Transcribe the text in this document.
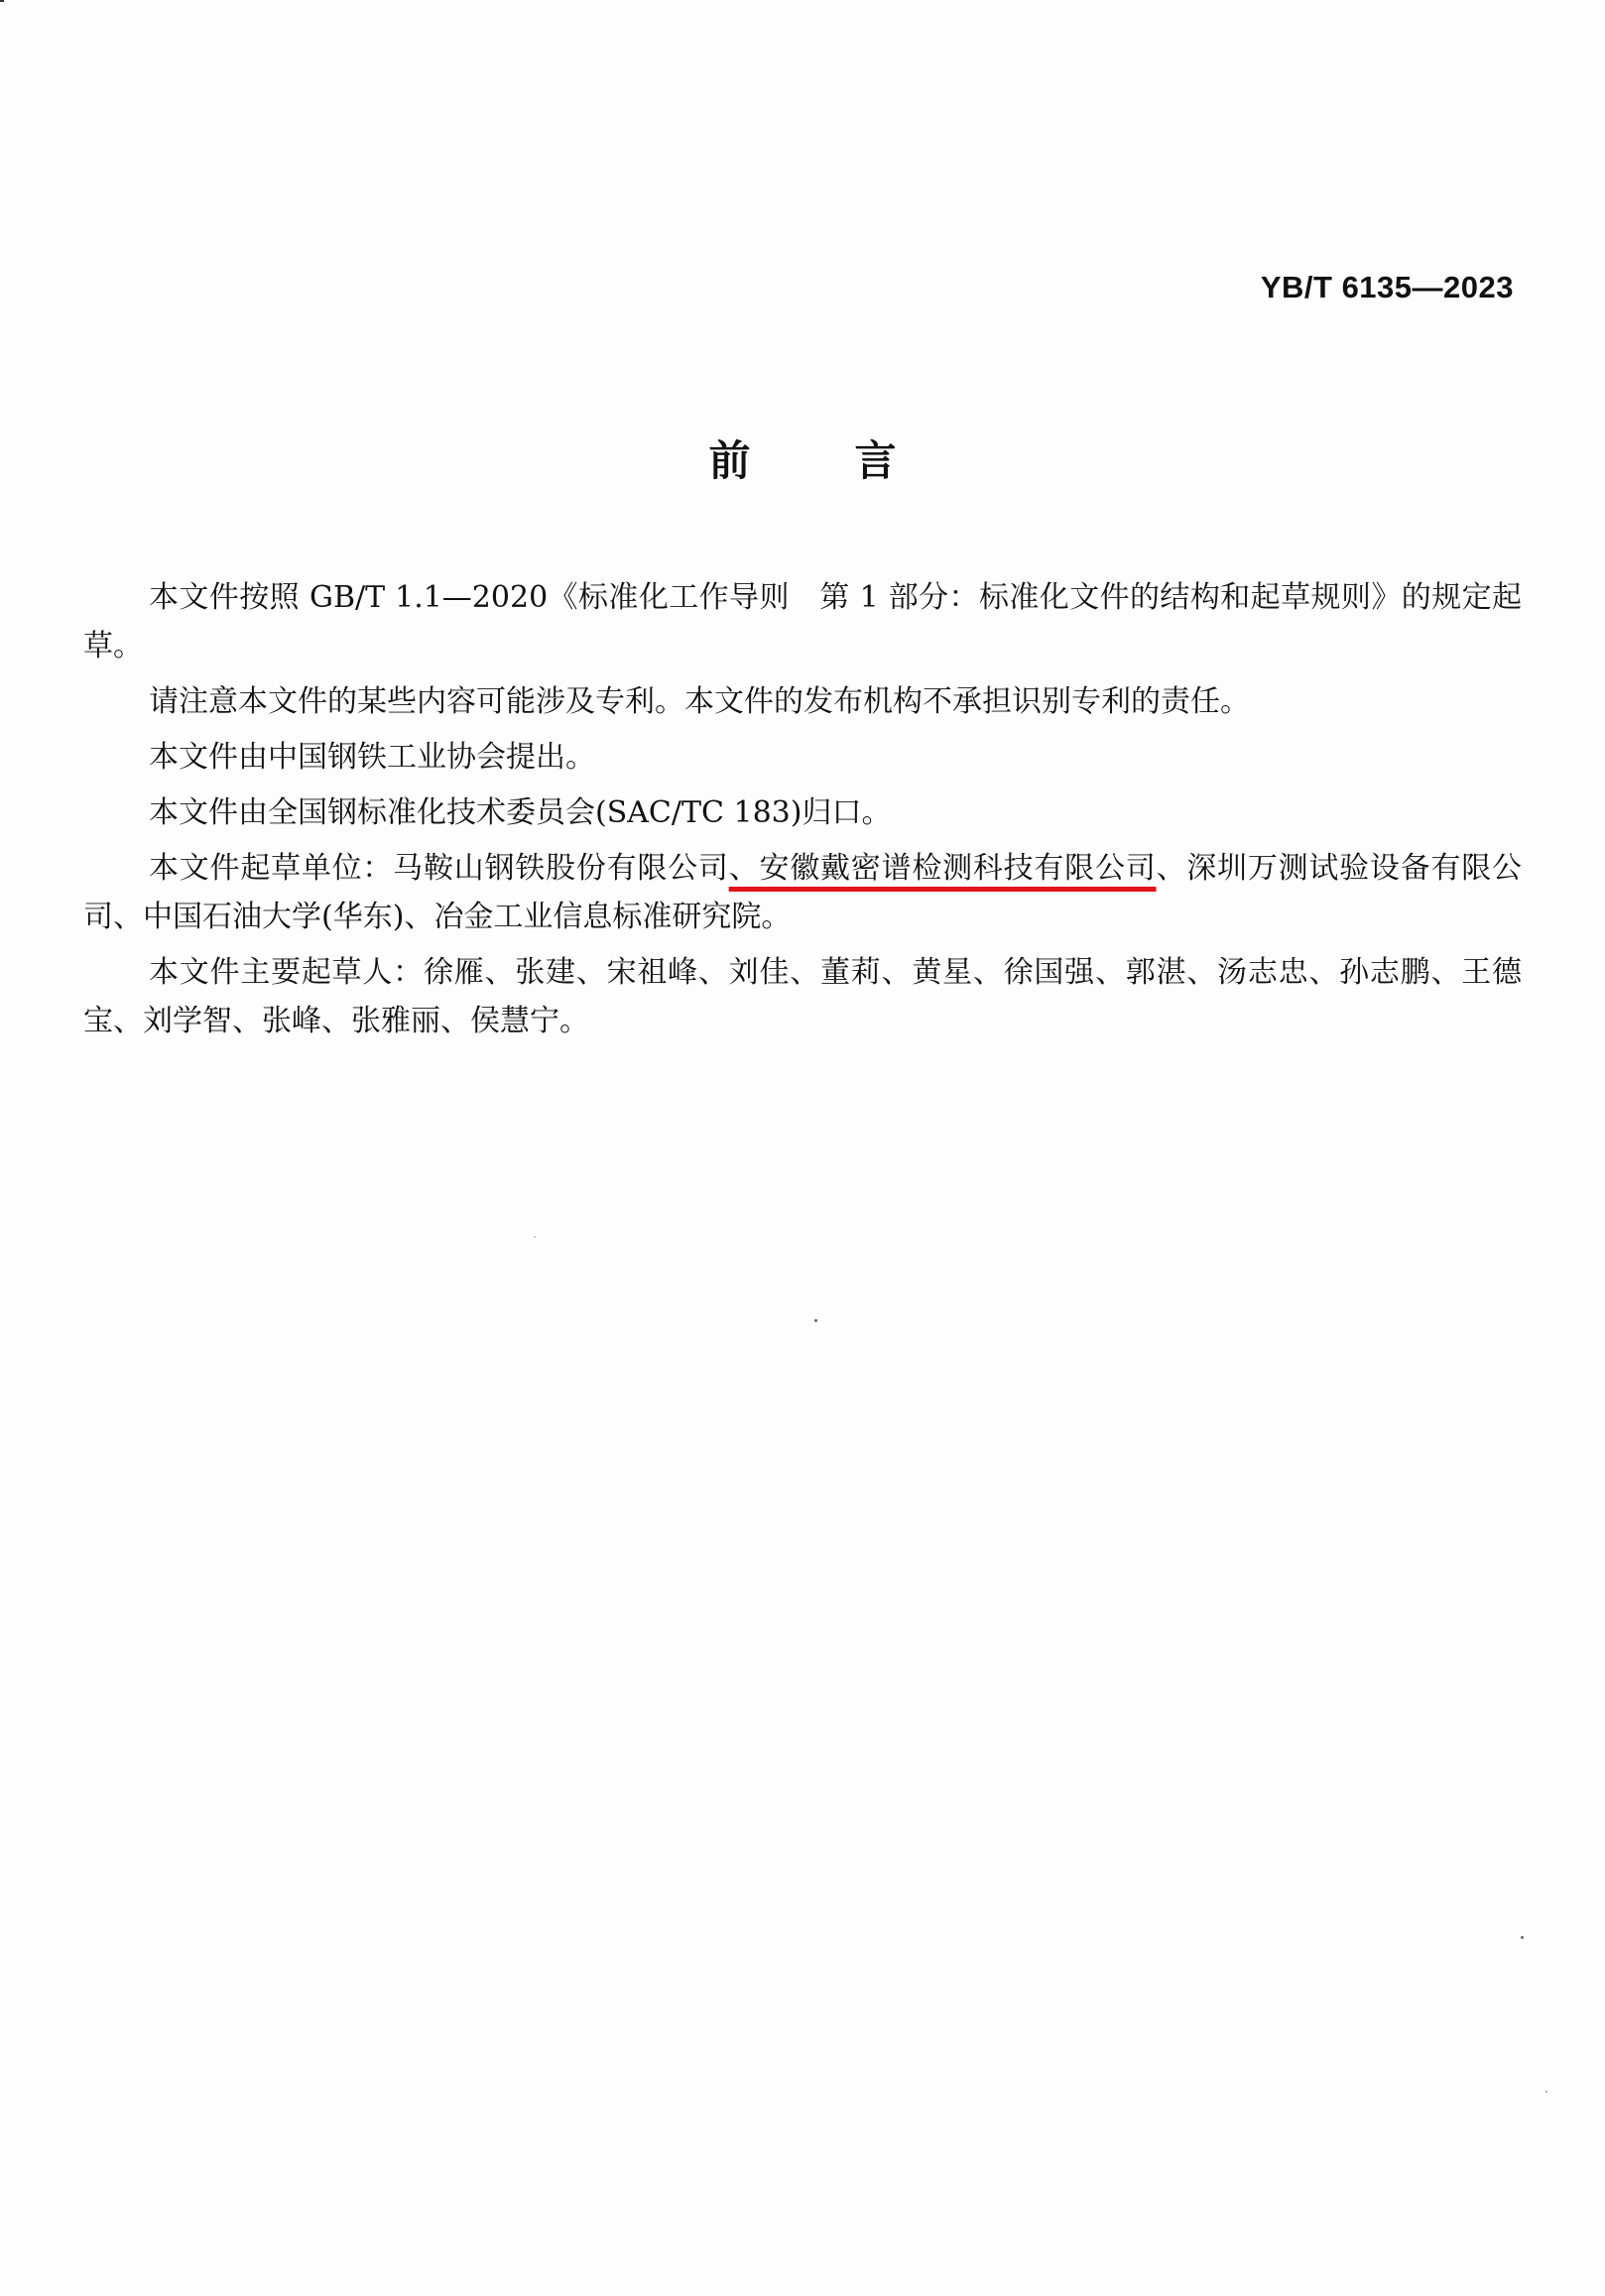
YB/T 6135—2023
前言

本文件按照 GB/T 1.1—2020《标准化工作导则　第 1 部分：标准化文件的结构和起草规则》的规定起草。

请注意本文件的某些内容可能涉及专利。本文件的发布机构不承担识别专利的责任。

本文件由中国钢铁工业协会提出。

本文件由全国钢标准化技术委员会(SAC/TC 183)归口。

本文件起草单位：马鞍山钢铁股份有限公司、安徽戴密谱检测科技有限公司、深圳万测试验设备有限公司、中国石油大学(华东)、冶金工业信息标准研究院。

本文件主要起草人：徐雁、张建、宋祖峰、刘佳、董莉、黄星、徐国强、郭湛、汤志忠、孙志鹏、王德宝、刘学智、张峰、张雅丽、侯慧宁。
